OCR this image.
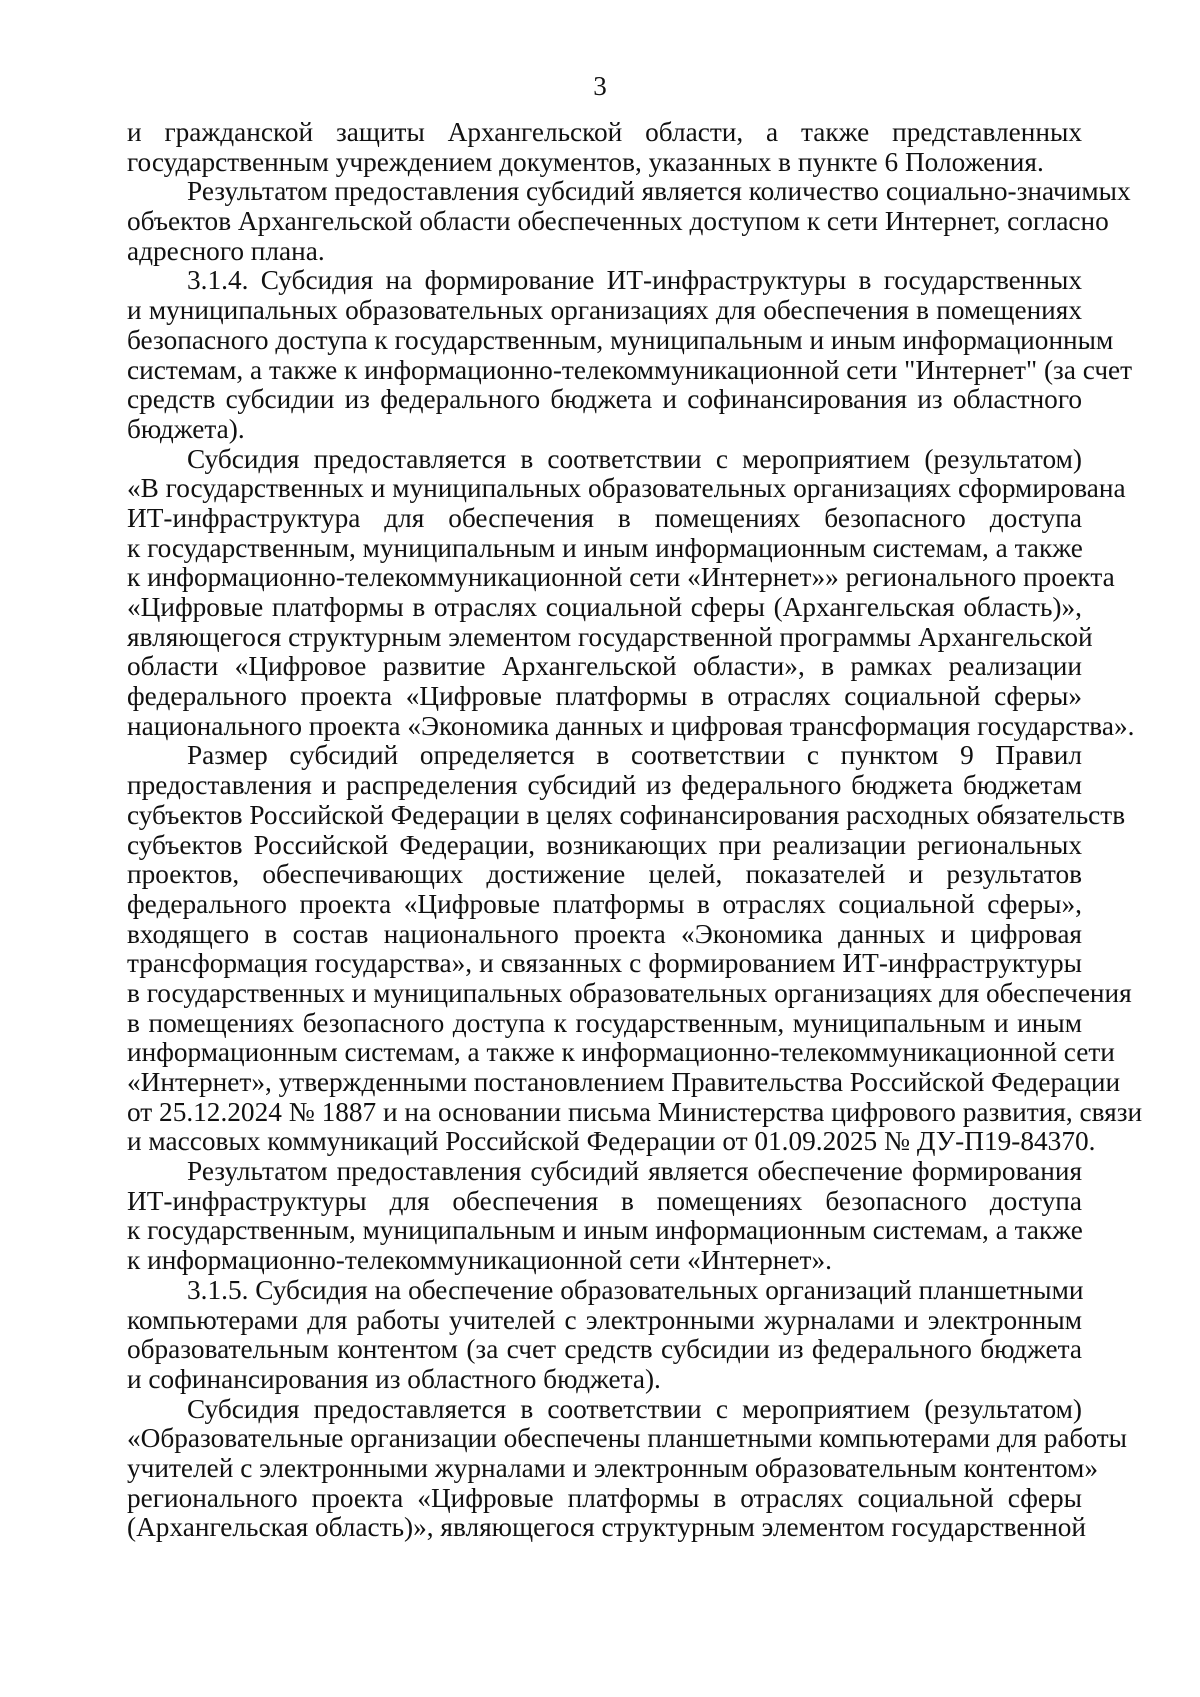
3
и гражданской защиты Архангельской области, а также представленных
государственным учреждением документов, указанных в пункте 6 Положения.
Результатом предоставления субсидий является количество социально-значимых
объектов Архангельской области обеспеченных доступом к сети Интернет, согласно
адресного плана.
3.1.4. Субсидия на формирование ИТ-инфраструктуры в государственных
и муниципальных образовательных организациях для обеспечения в помещениях
безопасного доступа к государственным, муниципальным и иным информационным
системам, а также к информационно-телекоммуникационной сети "Интернет" (за счет
средств субсидии из федерального бюджета и софинансирования из областного
бюджета).
Субсидия предоставляется в соответствии с мероприятием (результатом)
«В государственных и муниципальных образовательных организациях сформирована
ИТ-инфраструктура для обеспечения в помещениях безопасного доступа
к государственным, муниципальным и иным информационным системам, а также
к информационно-телекоммуникационной сети «Интернет»» регионального проекта
«Цифровые платформы в отраслях социальной сферы (Архангельская область)»,
являющегося структурным элементом государственной программы Архангельской
области «Цифровое развитие Архангельской области», в рамках реализации
федерального проекта «Цифровые платформы в отраслях социальной сферы»
национального проекта «Экономика данных и цифровая трансформация государства».
Размер субсидий определяется в соответствии с пунктом 9 Правил
предоставления и распределения субсидий из федерального бюджета бюджетам
субъектов Российской Федерации в целях софинансирования расходных обязательств
субъектов Российской Федерации, возникающих при реализации региональных
проектов, обеспечивающих достижение целей, показателей и результатов
федерального проекта «Цифровые платформы в отраслях социальной сферы»,
входящего в состав национального проекта «Экономика данных и цифровая
трансформация государства», и связанных с формированием ИТ-инфраструктуры
в государственных и муниципальных образовательных организациях для обеспечения
в помещениях безопасного доступа к государственным, муниципальным и иным
информационным системам, а также к информационно-телекоммуникационной сети
«Интернет», утвержденными постановлением Правительства Российской Федерации
от 25.12.2024 № 1887 и на основании письма Министерства цифрового развития, связи
и массовых коммуникаций Российской Федерации от 01.09.2025 № ДУ-П19-84370.
Результатом предоставления субсидий является обеспечение формирования
ИТ-инфраструктуры для обеспечения в помещениях безопасного доступа
к государственным, муниципальным и иным информационным системам, а также
к информационно-телекоммуникационной сети «Интернет».
3.1.5. Субсидия на обеспечение образовательных организаций планшетными
компьютерами для работы учителей с электронными журналами и электронным
образовательным контентом (за счет средств субсидии из федерального бюджета
и софинансирования из областного бюджета).
Субсидия предоставляется в соответствии с мероприятием (результатом)
«Образовательные организации обеспечены планшетными компьютерами для работы
учителей с электронными журналами и электронным образовательным контентом»
регионального проекта «Цифровые платформы в отраслях социальной сферы
(Архангельская область)», являющегося структурным элементом государственной
